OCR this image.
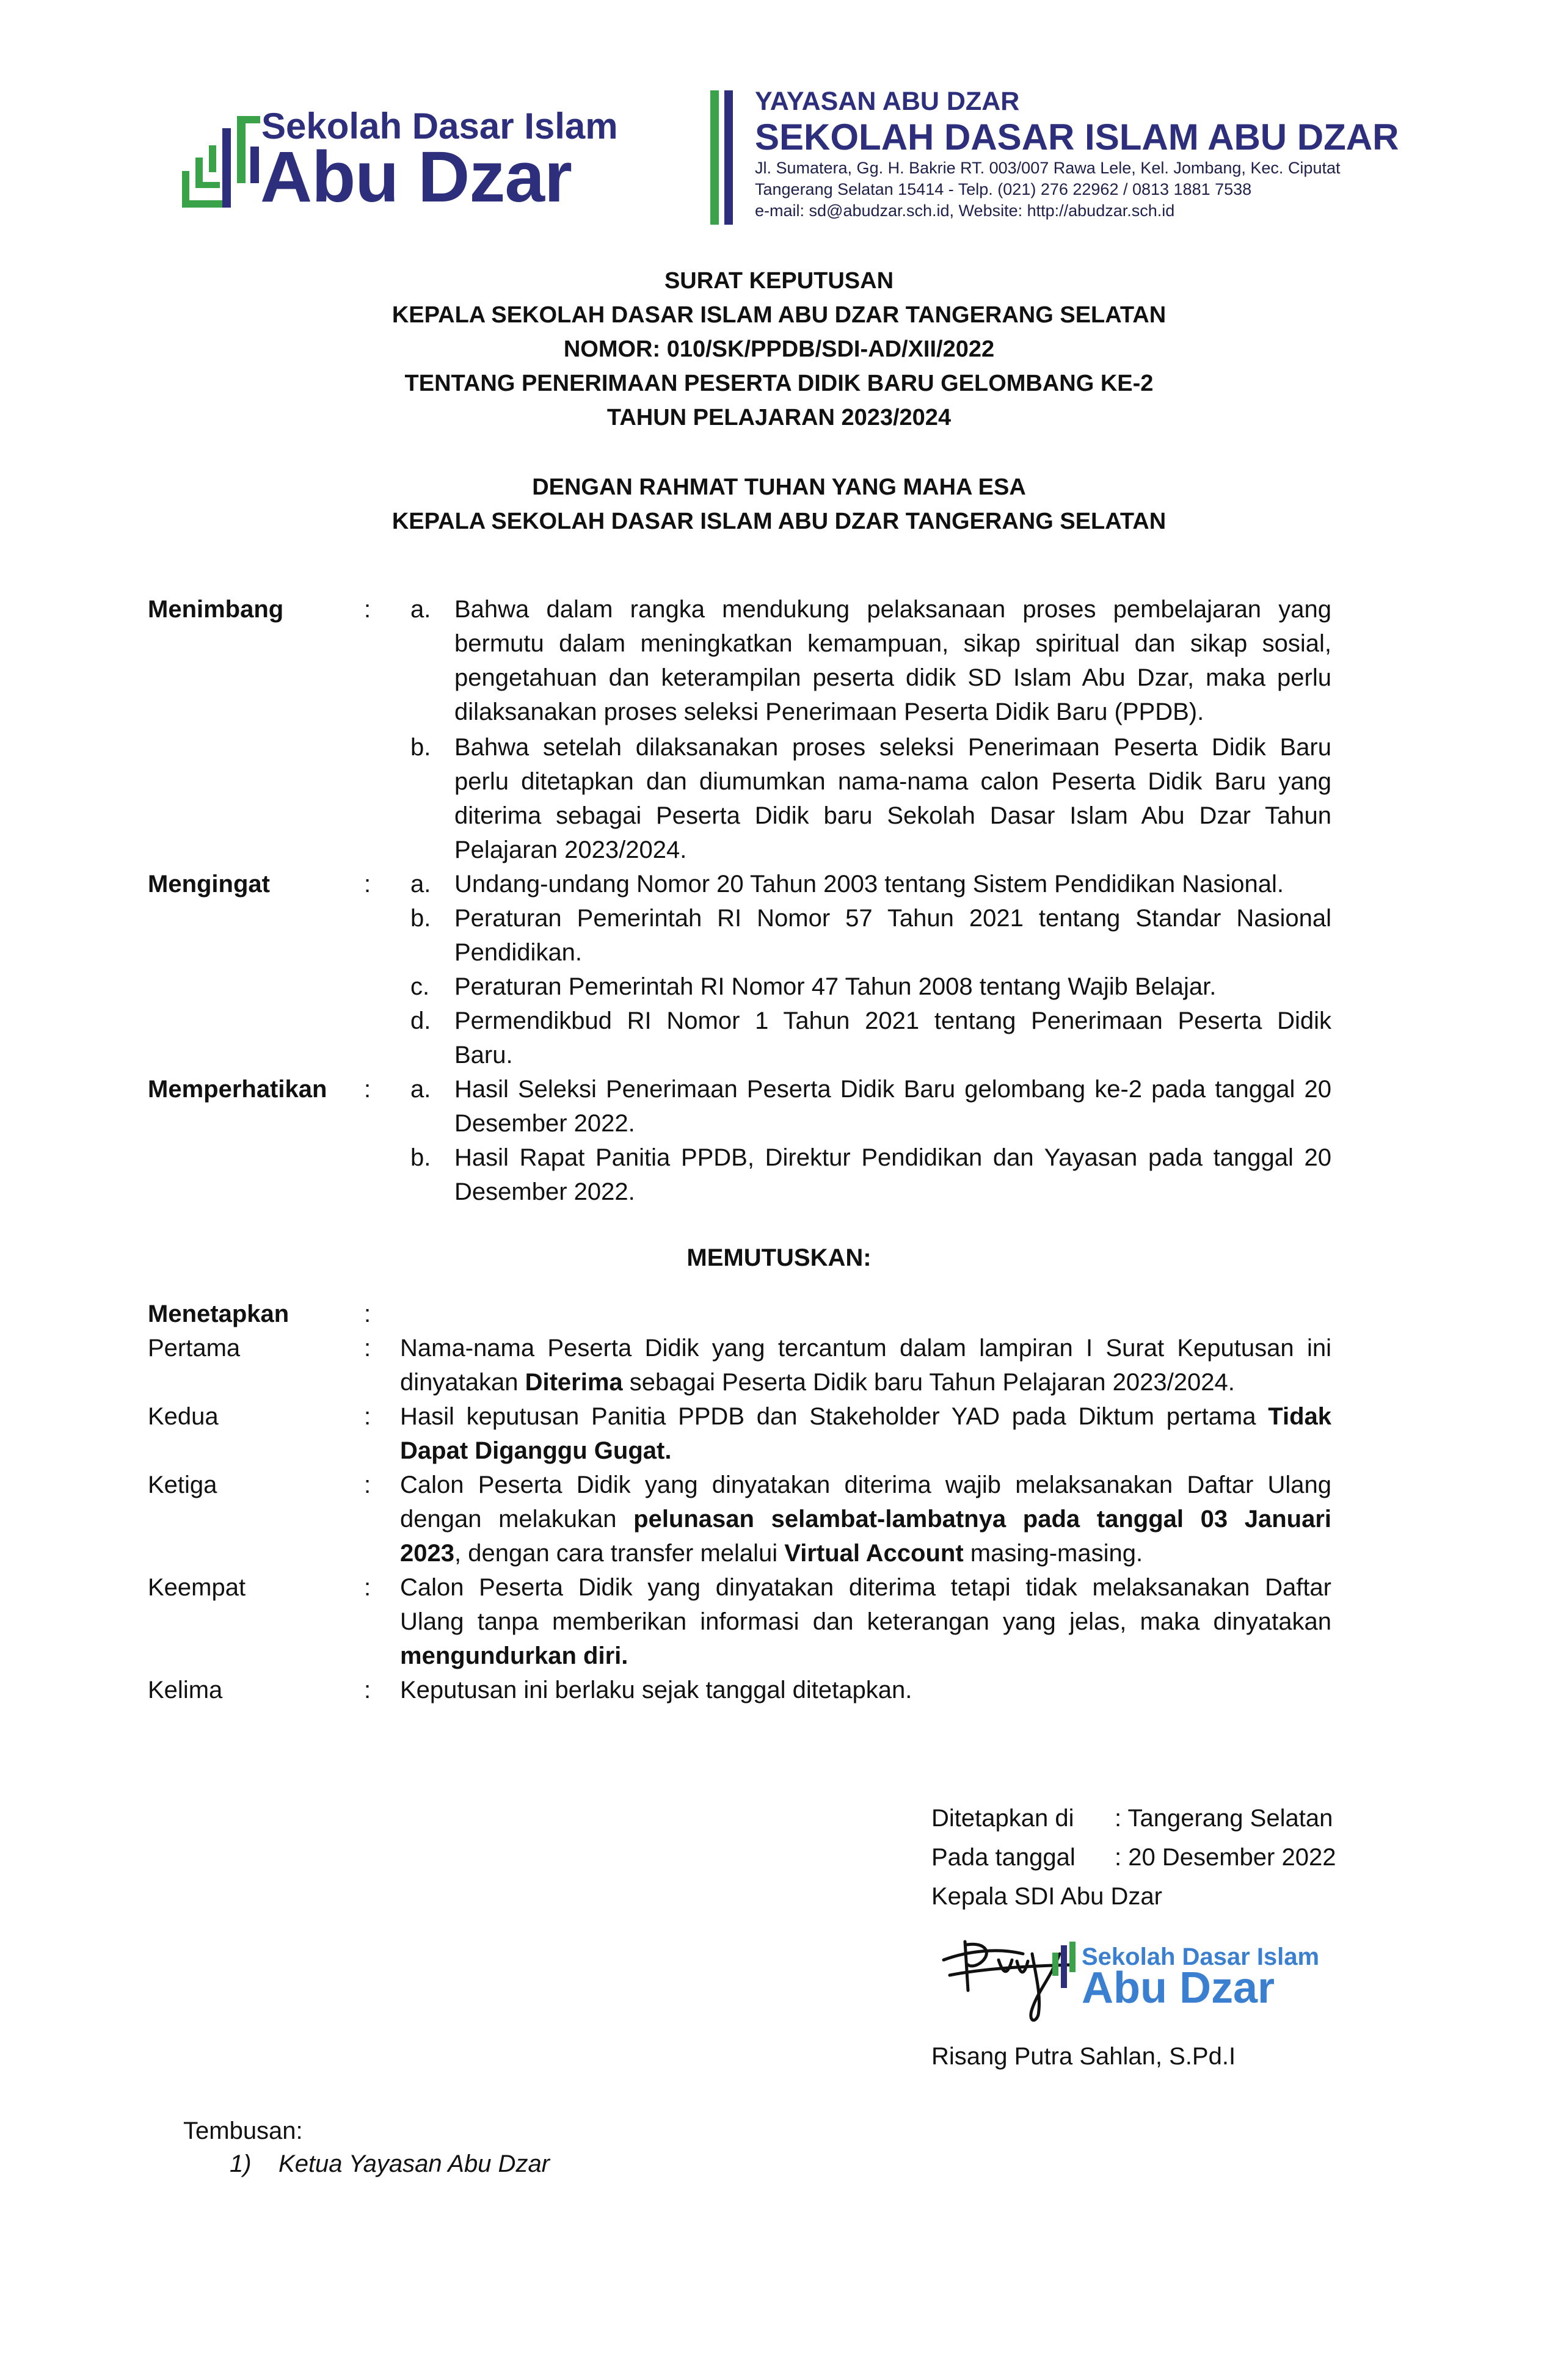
Sekolah Dasar Islam
Abu Dzar
YAYASAN ABU DZAR
SEKOLAH DASAR ISLAM ABU DZAR
Jl. Sumatera, Gg. H. Bakrie RT. 003/007 Rawa Lele, Kel. Jombang, Kec. Ciputat
Tangerang Selatan 15414 - Telp. (021) 276 22962 / 0813 1881 7538
e-mail: sd@abudzar.sch.id, Website: http://abudzar.sch.id
SURAT KEPUTUSAN
KEPALA SEKOLAH DASAR ISLAM ABU DZAR TANGERANG SELATAN
NOMOR: 010/SK/PPDB/SDI-AD/XII/2022
TENTANG PENERIMAAN PESERTA DIDIK BARU GELOMBANG KE-2
TAHUN PELAJARAN 2023/2024
DENGAN RAHMAT TUHAN YANG MAHA ESA
KEPALA SEKOLAH DASAR ISLAM ABU DZAR TANGERANG SELATAN
Menimbang	: a. Bahwa dalam rangka mendukung pelaksanaan proses pembelajaran yang
bermutu dalam meningkatkan kemampuan, sikap spiritual dan sikap sosial,
pengetahuan dan keterampilan peserta didik SD Islam Abu Dzar, maka perlu
dilaksanakan proses seleksi Penerimaan Peserta Didik Baru (PPDB).
b. Bahwa setelah dilaksanakan proses seleksi Penerimaan Peserta Didik Baru
perlu ditetapkan dan diumumkan nama-nama calon Peserta Didik Baru yang
diterima sebagai Peserta Didik baru Sekolah Dasar Islam Abu Dzar Tahun
Pelajaran 2023/2024.
Mengingat	: a. Undang-undang Nomor 20 Tahun 2003 tentang Sistem Pendidikan Nasional.
b. Peraturan Pemerintah RI Nomor 57 Tahun 2021 tentang Standar Nasional
Pendidikan.
c. Peraturan Pemerintah RI Nomor 47 Tahun 2008 tentang Wajib Belajar.
d. Permendikbud RI Nomor 1 Tahun 2021 tentang Penerimaan Peserta Didik
Baru.
Memperhatikan : a. Hasil Seleksi Penerimaan Peserta Didik Baru gelombang ke-2 pada tanggal 20
Desember 2022.
b. Hasil Rapat Panitia PPDB, Direktur Pendidikan dan Yayasan pada tanggal 20
Desember 2022.
MEMUTUSKAN:
Menetapkan	:
Pertama	: Nama-nama Peserta Didik yang tercantum dalam lampiran I Surat Keputusan ini
dinyatakan Diterima sebagai Peserta Didik baru Tahun Pelajaran 2023/2024.
Kedua	: Hasil keputusan Panitia PPDB dan Stakeholder YAD pada Diktum pertama Tidak
Dapat Diganggu Gugat.
Ketiga	: Calon Peserta Didik yang dinyatakan diterima wajib melaksanakan Daftar Ulang
dengan melakukan pelunasan selambat-lambatnya pada tanggal 03 Januari
2023, dengan cara transfer melalui Virtual Account masing-masing.
Keempat	: Calon Peserta Didik yang dinyatakan diterima tetapi tidak melaksanakan Daftar
Ulang tanpa memberikan informasi dan keterangan yang jelas, maka dinyatakan
mengundurkan diri.
Kelima	: Keputusan ini berlaku sejak tanggal ditetapkan.
Ditetapkan di : Tangerang Selatan
Pada tanggal : 20 Desember 2022
Kepala SDI Abu Dzar
Sekolah Dasar Islam
Abu Dzar
Risang Putra Sahlan, S.Pd.I
Tembusan:
1)    Ketua Yayasan Abu Dzar
